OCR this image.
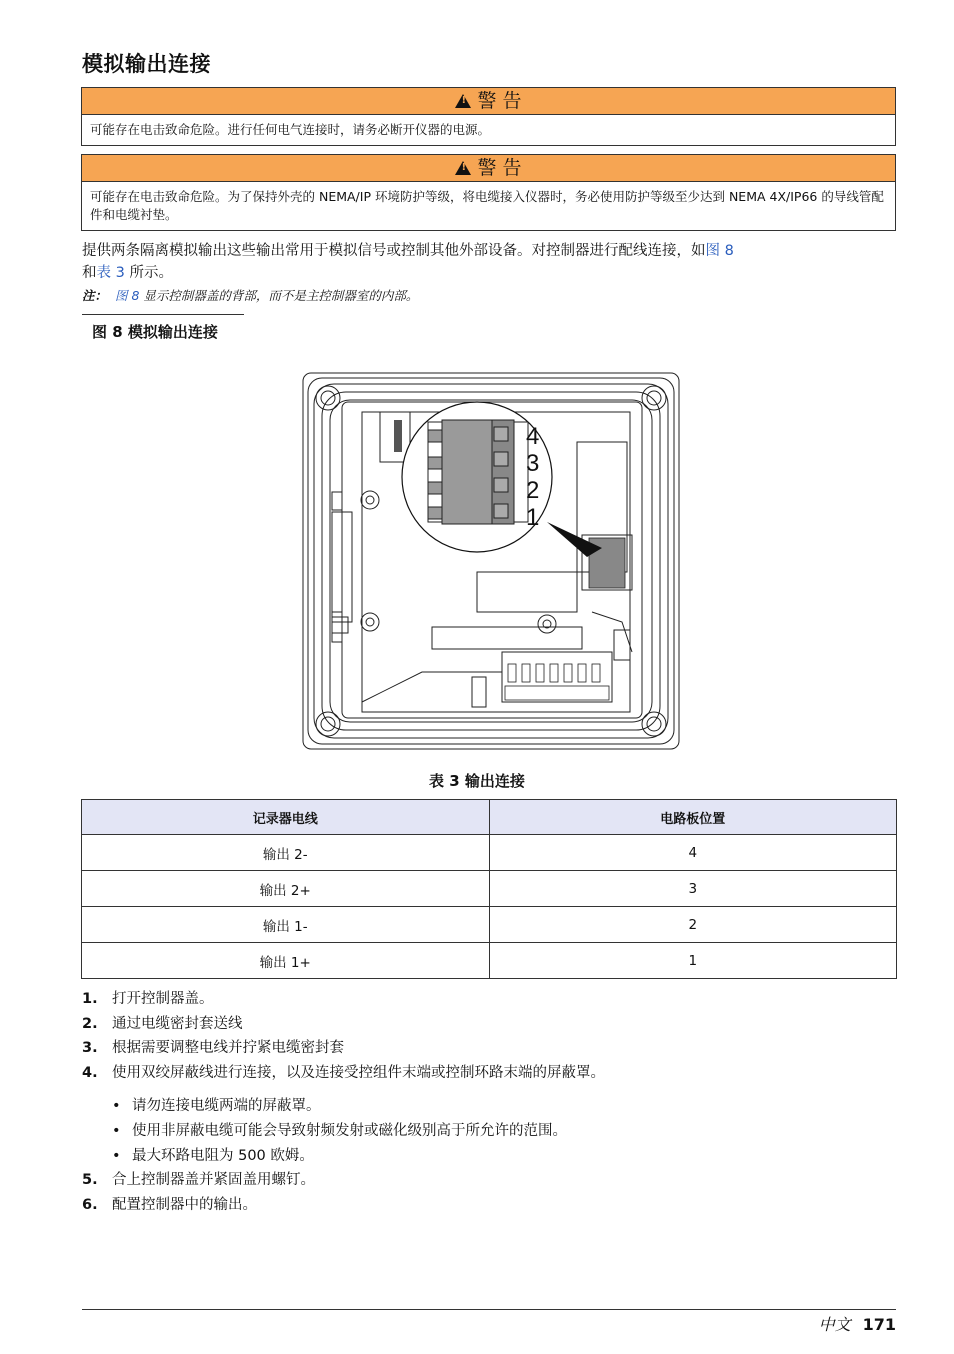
模拟输出连接
!警 告
可能存在电击致命危险。进行任何电气连接时，请务必断开仪器的电源。
!警 告
可能存在电击致命危险。为了保持外壳的 NEMA/IP 环境防护等级，将电缆接入仪器时，务必使用防护等级至少达到 NEMA 4X/IP66 的导线管配件和电缆衬垫。
提供两条隔离模拟输出这些输出常用于模拟信号或控制其他外部设备。对控制器进行配线连接，如图 8
和表 3 所示。
注： 图 8 显示控制器盖的背部，而不是主控制器室的内部。
图 8 模拟输出连接
4
3
2
1
表 3 输出连接
记录器电线	电路板位置
输出 2-	4
输出 2+	3
输出 1-	2
输出 1+	1
1. 打开控制器盖。
2. 通过电缆密封套送线
3. 根据需要调整电线并拧紧电缆密封套
4. 使用双绞屏蔽线进行连接，以及连接受控组件末端或控制环路末端的屏蔽罩。
• 请勿连接电缆两端的屏蔽罩。
• 使用非屏蔽电缆可能会导致射频发射或磁化级别高于所允许的范围。
• 最大环路电阻为 500 欧姆。
5. 合上控制器盖并紧固盖用螺钉。
6. 配置控制器中的输出。
中文 171
